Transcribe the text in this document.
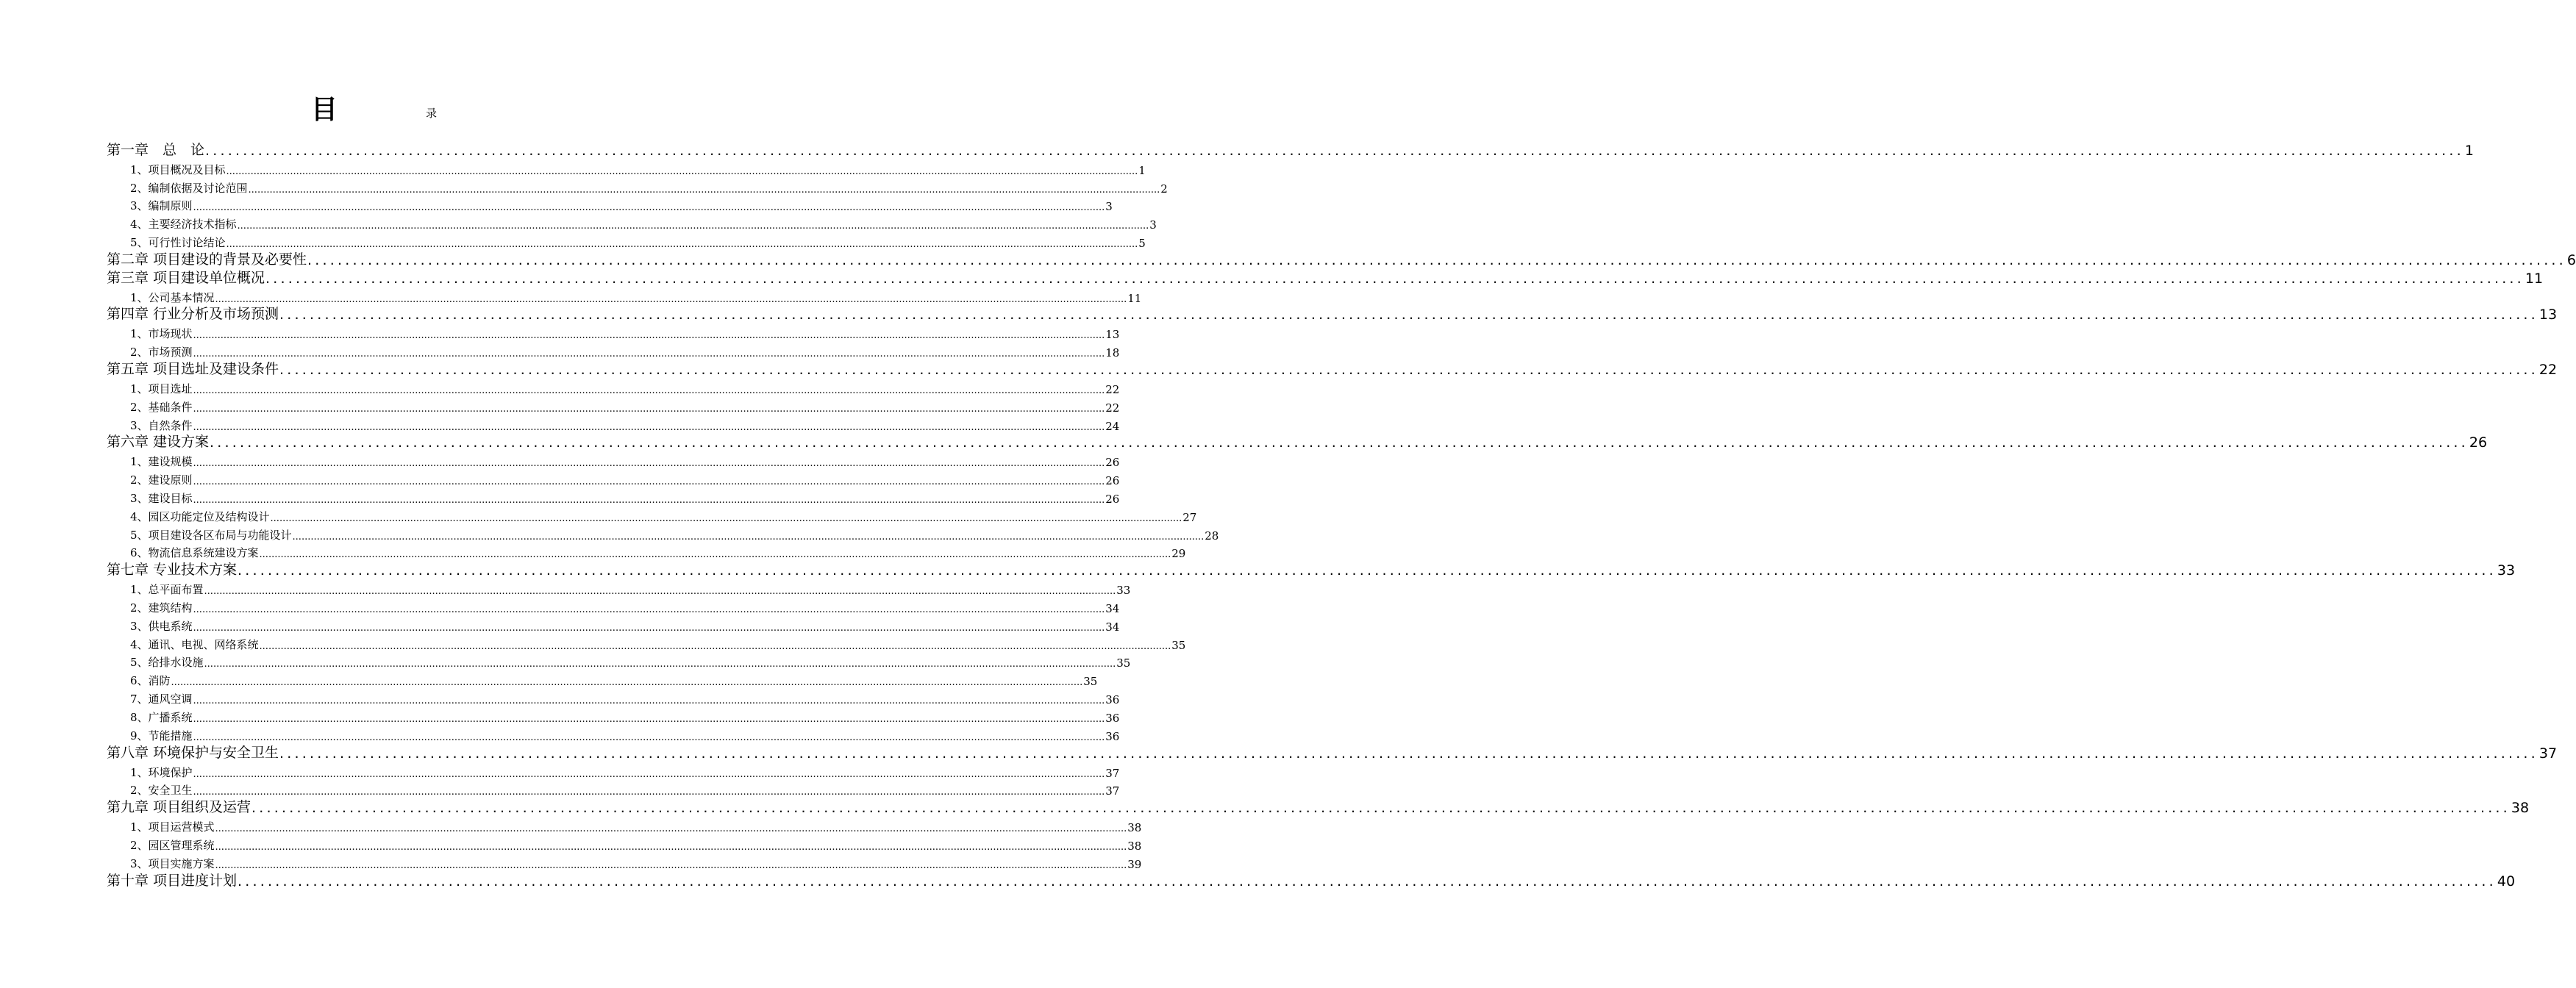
目	录
第一章　总　论 ............................................................................................................................................................................................................................................................................................................ 1
1、项目概况及目标 ............................................................................................................................................................................................................................................................................................................ 1
2、编制依据及讨论范围 ............................................................................................................................................................................................................................................................................................................ 2
3、编制原则 ............................................................................................................................................................................................................................................................................................................ 3
4、主要经济技术指标 ............................................................................................................................................................................................................................................................................................................ 3
5、可行性讨论结论 ............................................................................................................................................................................................................................................................................................................ 5
第二章 项目建设的背景及必要性 ............................................................................................................................................................................................................................................................................................................ 6
第三章 项目建设单位概况 ............................................................................................................................................................................................................................................................................................................ 11
1、公司基本情况 ............................................................................................................................................................................................................................................................................................................ 11
第四章 行业分析及市场预测 ............................................................................................................................................................................................................................................................................................................ 13
1、市场现状 ............................................................................................................................................................................................................................................................................................................ 13
2、市场预测 ............................................................................................................................................................................................................................................................................................................ 18
第五章 项目选址及建设条件 ............................................................................................................................................................................................................................................................................................................ 22
1、项目选址 ............................................................................................................................................................................................................................................................................................................ 22
2、基础条件 ............................................................................................................................................................................................................................................................................................................ 22
3、自然条件 ............................................................................................................................................................................................................................................................................................................ 24
第六章 建设方案 ............................................................................................................................................................................................................................................................................................................ 26
1、建设规模 ............................................................................................................................................................................................................................................................................................................ 26
2、建设原则 ............................................................................................................................................................................................................................................................................................................ 26
3、建设目标 ............................................................................................................................................................................................................................................................................................................ 26
4、园区功能定位及结构设计 ............................................................................................................................................................................................................................................................................................................ 27
5、项目建设各区布局与功能设计 ............................................................................................................................................................................................................................................................................................................ 28
6、物流信息系统建设方案 ............................................................................................................................................................................................................................................................................................................ 29
第七章 专业技术方案 ............................................................................................................................................................................................................................................................................................................ 33
1、总平面布置 ............................................................................................................................................................................................................................................................................................................ 33
2、建筑结构 ............................................................................................................................................................................................................................................................................................................ 34
3、供电系统 ............................................................................................................................................................................................................................................................................................................ 34
4、通讯、电视、网络系统 ............................................................................................................................................................................................................................................................................................................ 35
5、给排水设施 ............................................................................................................................................................................................................................................................................................................ 35
6、消防 ............................................................................................................................................................................................................................................................................................................ 35
7、通风空调 ............................................................................................................................................................................................................................................................................................................ 36
8、广播系统 ............................................................................................................................................................................................................................................................................................................ 36
9、节能措施 ............................................................................................................................................................................................................................................................................................................ 36
第八章 环境保护与安全卫生 ............................................................................................................................................................................................................................................................................................................ 37
1、环境保护 ............................................................................................................................................................................................................................................................................................................ 37
2、安全卫生 ............................................................................................................................................................................................................................................................................................................ 37
第九章 项目组织及运营 ............................................................................................................................................................................................................................................................................................................ 38
1、项目运营模式 ............................................................................................................................................................................................................................................................................................................ 38
2、园区管理系统 ............................................................................................................................................................................................................................................................................................................ 38
3、项目实施方案 ............................................................................................................................................................................................................................................................................................................ 39
第十章 项目进度计划 ............................................................................................................................................................................................................................................................................................................ 40
